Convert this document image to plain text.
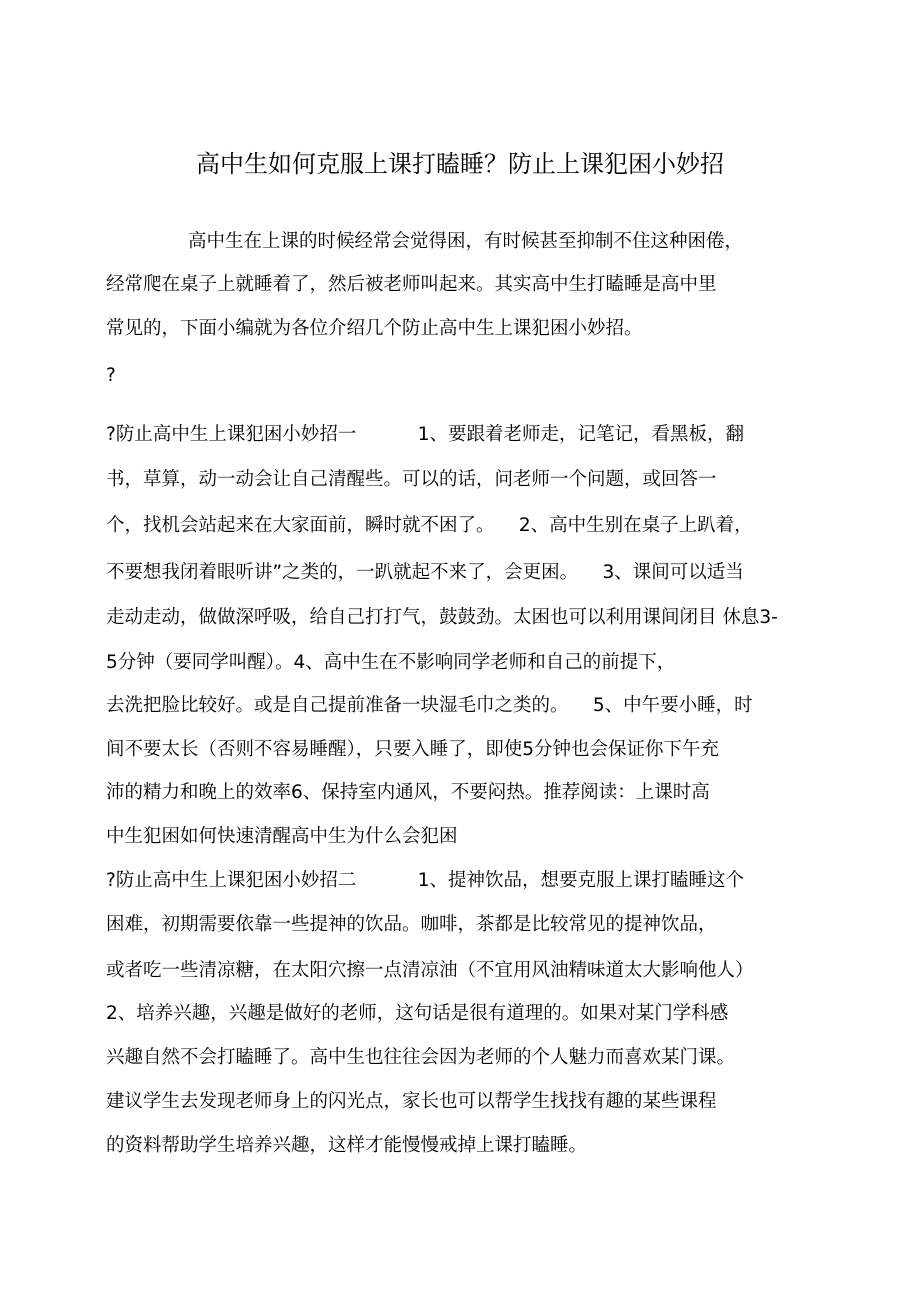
高中生如何克服上课打瞌睡？防止上课犯困小妙招
高中生在上课的时候经常会觉得困，有时候甚至抑制不住这种困倦，
经常爬在桌子上就睡着了，然后被老师叫起来。其实高中生打瞌睡是高中里
常见的，下面小编就为各位介绍几个防止高中生上课犯困小妙招。
?
?防止高中生上课犯困小妙招一 　　　1、要跟着老师走，记笔记，看黑板，翻
书，草算，动一动会让自己清醒些。可以的话，问老师一个问题，或回答一
个，找机会站起来在大家面前，瞬时就不困了。 　2、高中生别在桌子上趴着，
不要想我闭着眼听讲”之类的，一趴就起不来了，会更困。 　3、课间可以适当
走动走动，做做深呼吸，给自己打打气，鼓鼓劲。太困也可以利用课间闭目 休息3-
5分钟（要同学叫醒）。4、高中生在不影响同学老师和自己的前提下，
去洗把脸比较好。或是自己提前准备一块湿毛巾之类的。 　5、中午要小睡，时
间不要太长（否则不容易睡醒），只要入睡了，即使5分钟也会保证你下午充
沛的精力和晚上的效率6、保持室内通风，不要闷热。推荐阅读：上课时高
中生犯困如何快速清醒高中生为什么会犯困
?防止高中生上课犯困小妙招二 　　　1、提神饮品，想要克服上课打瞌睡这个
困难，初期需要依靠一些提神的饮品。咖啡，茶都是比较常见的提神饮品，
或者吃一些清凉糖，在太阳穴擦一点清凉油（不宜用风油精味道太大影响他人）
2、培养兴趣，兴趣是做好的老师，这句话是很有道理的。如果对某门学科感
兴趣自然不会打瞌睡了。高中生也往往会因为老师的个人魅力而喜欢某门课。
建议学生去发现老师身上的闪光点，家长也可以帮学生找找有趣的某些课程
的资料帮助学生培养兴趣，这样才能慢慢戒掉上课打瞌睡。
